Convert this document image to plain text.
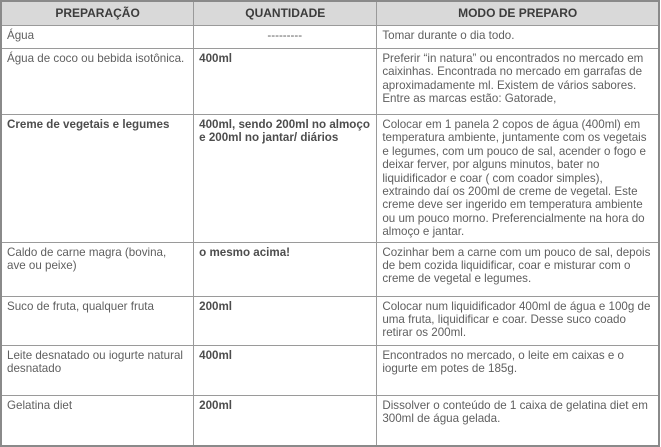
PREPARAÇÃO	QUANTIDADE	MODO DE PREPARO
Água	---------	Tomar durante o dia todo.
Água de coco ou bebida isotônica.	400ml	Preferir “in natura” ou encontrados no mercado em caixinhas. Encontrada no mercado em garrafas de aproximadamente ml. Existem de vários sabores. Entre as marcas estão: Gatorade,
Creme de vegetais e legumes	400ml, sendo 200ml no almoço e 200ml no jantar/ diários	Colocar em 1 panela 2 copos de água (400ml) em temperatura ambiente, juntamente com os vegetais e legumes, com um pouco de sal, acender o fogo e deixar ferver, por alguns minutos, bater no liquidificador e coar ( com coador simples), extraindo daí os 200ml de creme de vegetal. Este creme deve ser ingerido em temperatura ambiente ou um pouco morno. Preferencialmente na hora do almoço e jantar.
Caldo de carne magra (bovina, ave ou peixe)	o mesmo acima!	Cozinhar bem a carne com um pouco de sal, depois de bem cozida liquidificar, coar e misturar com o creme de vegetal e legumes.
Suco de fruta, qualquer fruta	200ml	Colocar num liquidificador 400ml de água e 100g de uma fruta, liquidificar e coar. Desse suco coado retirar os 200ml.
Leite desnatado ou iogurte natural desnatado	400ml	Encontrados no mercado, o leite em caixas e o iogurte em potes de 185g.
Gelatina diet	200ml	Dissolver o conteúdo de 1 caixa de gelatina diet em 300ml de água gelada.
